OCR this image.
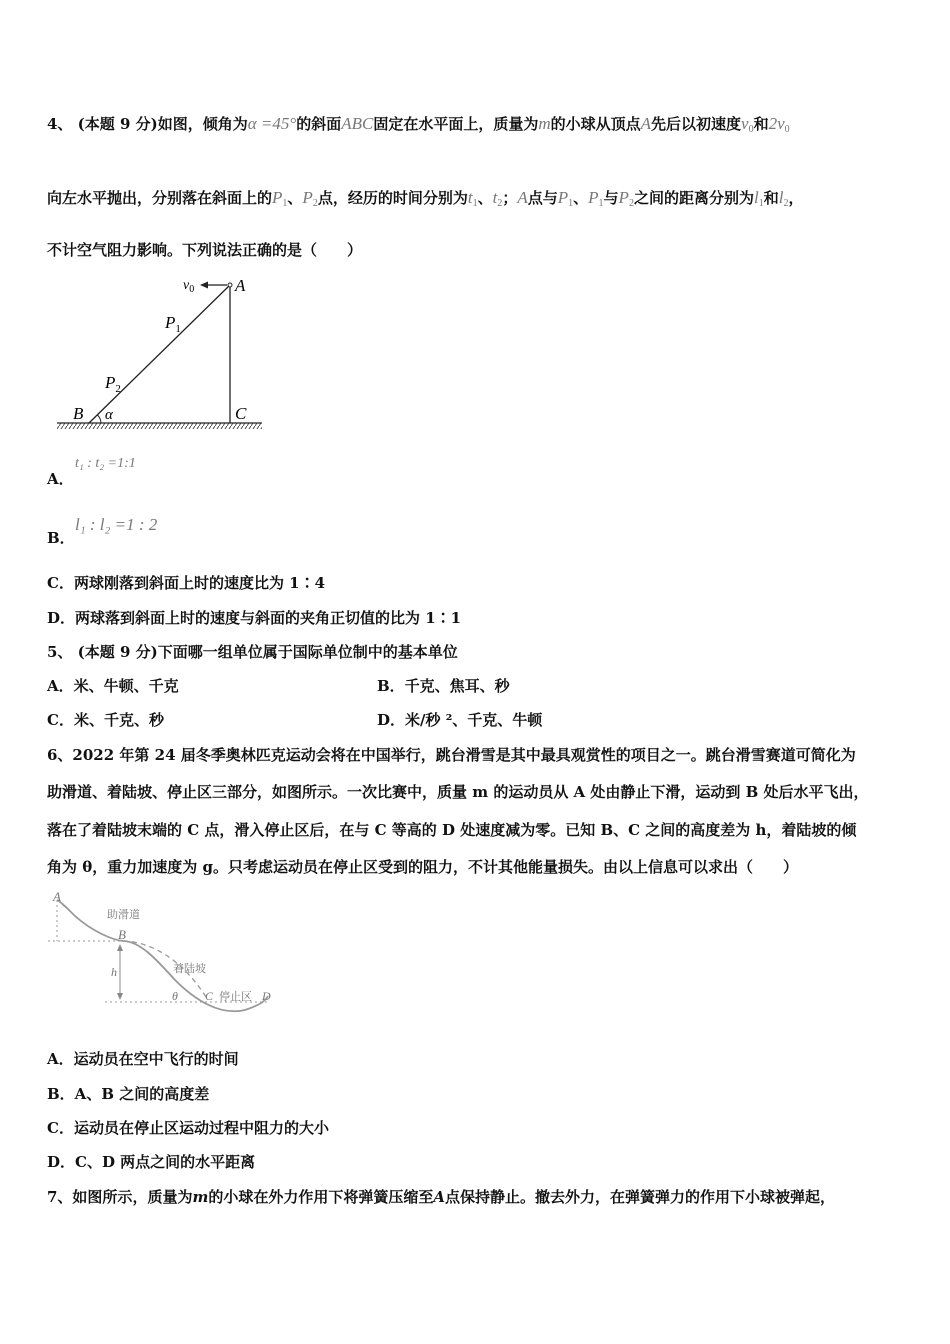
4、 (本题 9 分)如图，倾角为α =45°的斜面ABC固定在水平面上，质量为m的小球从顶点A先后以初速度$v_0$和$2v_0$
向左水平抛出，分别落在斜面上的$P_1$、$P_2$点，经历的时间分别为$t_1$、$t_2$；A点与$P_1$、$P_1$与$P_2$之间的距离分别为$l_1$和$l_2$，
不计空气阻力影响。下列说法正确的是（　　）
$v_0$ A
$P_1$
$P_2$
B α	C
A．
t₁ : t₂ =1:1
B．
l₁ : l₂ =1 : 2
C．两球刚落到斜面上时的速度比为 1∶4
D．两球落到斜面上时的速度与斜面的夹角正切值的比为 1∶1
5、 (本题 9 分)下面哪一组单位属于国际单位制中的基本单位
A．米、牛顿、千克	B．千克、焦耳、秒
C．米、千克、秒	D．米/秒 ²、千克、牛顿
6、2022 年第 24 届冬季奥林匹克运动会将在中国举行，跳台滑雪是其中最具观赏性的项目之一。跳台滑雪赛道可简化为
助滑道、着陆坡、停止区三部分，如图所示。一次比赛中，质量 m 的运动员从 A 处由静止下滑，运动到 B 处后水平飞出，
落在了着陆坡末端的 C 点，滑入停止区后，在与 C 等高的 D 处速度减为零。已知 B、C 之间的高度差为 h，着陆坡的倾
角为 θ，重力加速度为 g。只考虑运动员在停止区受到的阻力，不计其他能量损失。由以上信息可以求出（　　）
A
助滑道
B
h	着陆坡
θ C 停止区 D
A．运动员在空中飞行的时间
B．A、B 之间的高度差
C．运动员在停止区运动过程中阻力的大小
D．C、D 两点之间的水平距离
7、如图所示，质量为m的小球在外力作用下将弹簧压缩至A点保持静止。撤去外力，在弹簧弹力的作用下小球被弹起，
